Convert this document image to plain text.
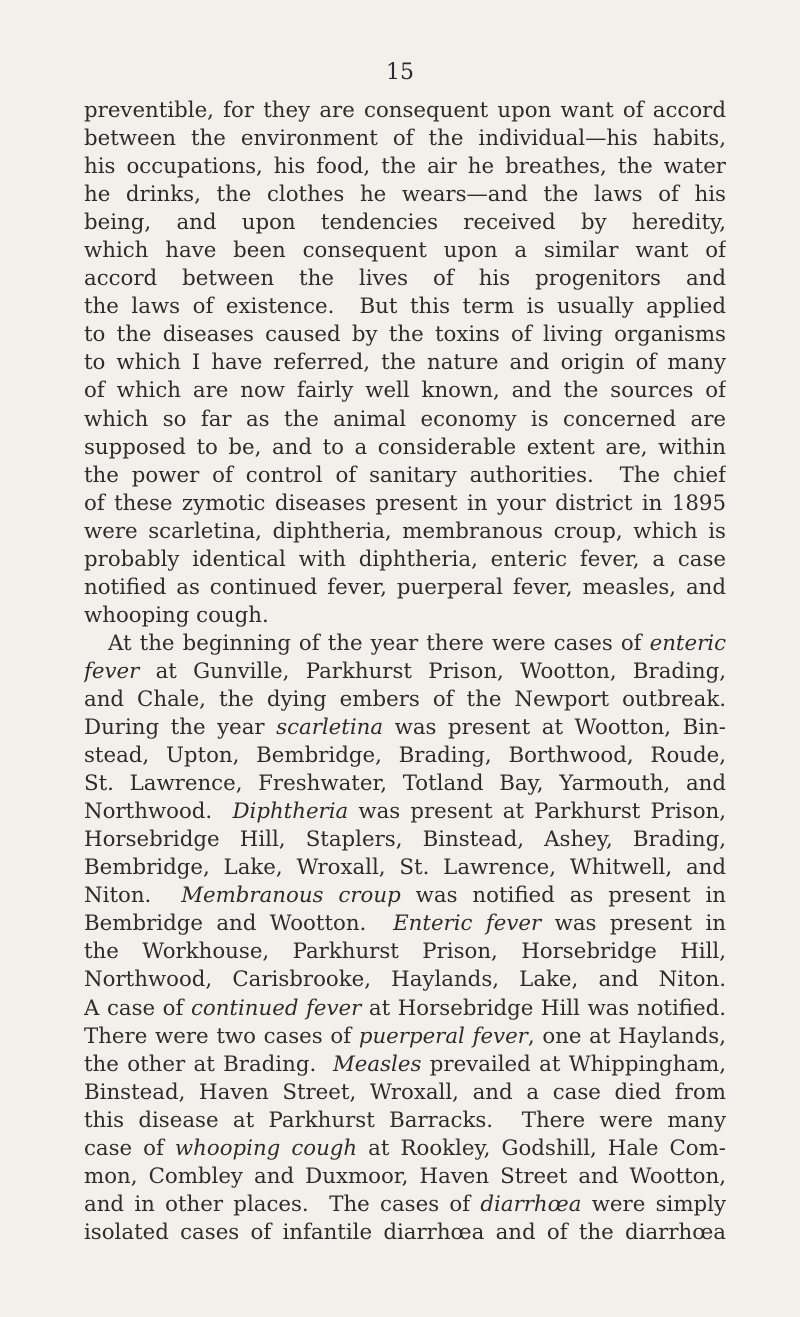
15
preventible, for they are consequent upon want of accord
between the environment of the individual—his habits,
his occupations, his food, the air he breathes, the water
he drinks, the clothes he wears—and the laws of his
being, and upon tendencies received by heredity,
which have been consequent upon a similar want of
accord between the lives of his progenitors and
the laws of existence.  But this term is usually applied
to the diseases caused by the toxins of living organisms
to which I have referred, the nature and origin of many
of which are now fairly well known, and the sources of
which so far as the animal economy is concerned are
supposed to be, and to a considerable extent are, within
the power of control of sanitary authorities.  The chief
of these zymotic diseases present in your district in 1895
were scarletina, diphtheria, membranous croup, which is
probably identical with diphtheria, enteric fever, a case
notified as continued fever, puerperal fever, measles, and
whooping cough.
At the beginning of the year there were cases of enteric
fever at Gunville, Parkhurst Prison, Wootton, Brading,
and Chale, the dying embers of the Newport outbreak.
During the year scarletina was present at Wootton, Bin-
stead, Upton, Bembridge, Brading, Borthwood, Roude,
St. Lawrence, Freshwater, Totland Bay, Yarmouth, and
Northwood.  Diphtheria was present at Parkhurst Prison,
Horsebridge Hill, Staplers, Binstead, Ashey, Brading,
Bembridge, Lake, Wroxall, St. Lawrence, Whitwell, and
Niton.  Membranous croup was notified as present in
Bembridge and Wootton.  Enteric fever was present in
the Workhouse, Parkhurst Prison, Horsebridge Hill,
Northwood, Carisbrooke, Haylands, Lake, and Niton.
A case of continued fever at Horsebridge Hill was notified.
There were two cases of puerperal fever, one at Haylands,
the other at Brading.  Measles prevailed at Whippingham,
Binstead, Haven Street, Wroxall, and a case died from
this disease at Parkhurst Barracks.  There were many
case of whooping cough at Rookley, Godshill, Hale Com-
mon, Combley and Duxmoor, Haven Street and Wootton,
and in other places.  The cases of diarrhœa were simply
isolated cases of infantile diarrhœa and of the diarrhœa
